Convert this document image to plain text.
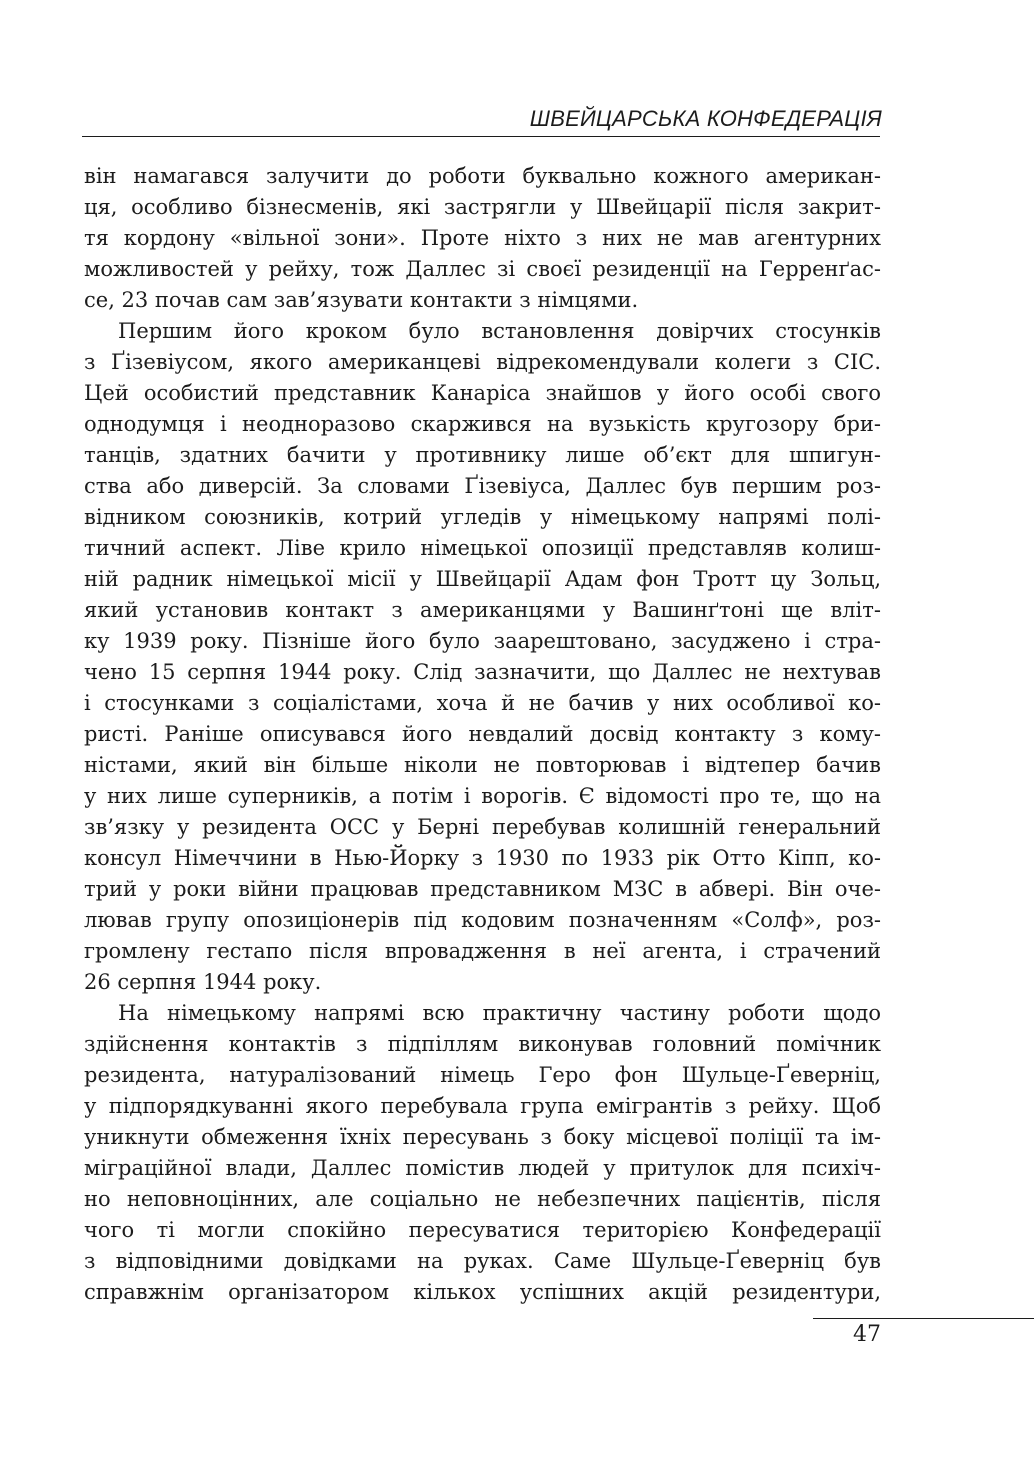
ШВЕЙЦАРСЬКА КОНФЕДЕРАЦІЯ
він намагався залучити до роботи буквально кожного американ-
ця, особливо бізнесменів, які застрягли у Швейцарії після закрит-
тя кордону «вільної зони». Проте ніхто з них не мав агентурних
можливостей у рейху, тож Даллес зі своєї резиденції на Герренґас-
се, 23 почав сам зав’язувати контакти з німцями.
Першим його кроком було встановлення довірчих стосунків
з Ґізевіусом, якого американцеві відрекомендували колеги з СІС.
Цей особистий представник Канаріса знайшов у його особі свого
однодумця і неодноразово скаржився на вузькість кругозору бри-
танців, здатних бачити у противнику лише об’єкт для шпигун-
ства або диверсій. За словами Ґізевіуса, Даллес був першим роз-
відником союзників, котрий угледів у німецькому напрямі полі-
тичний аспект. Ліве крило німецької опозиції представляв колиш-
ній радник німецької місії у Швейцарії Адам фон Тротт цу Зольц,
який установив контакт з американцями у Вашинґтоні ще вліт-
ку 1939 року. Пізніше його було заарештовано, засуджено і стра-
чено 15 серпня 1944 року. Слід зазначити, що Даллес не нехтував
і стосунками з соціалістами, хоча й не бачив у них особливої ко-
ристі. Раніше описувався його невдалий досвід контакту з кому-
ністами, який він більше ніколи не повторював і відтепер бачив
у них лише суперників, а потім і ворогів. Є відомості про те, що на
зв’язку у резидента ОСС у Берні перебував колишній генеральний
консул Німеччини в Нью-Йорку з 1930 по 1933 рік Отто Кіпп, ко-
трий у роки війни працював представником МЗС в абвері. Він оче-
лював групу опозиціонерів під кодовим позначенням «Солф», роз-
громлену гестапо після впровадження в неї агента, і страчений
26 серпня 1944 року.
На німецькому напрямі всю практичну частину роботи щодо
здійснення контактів з підпіллям виконував головний помічник
резидента, натуралізований німець Геро фон Шульце-Ґеверніц,
у підпорядкуванні якого перебувала група емігрантів з рейху. Щоб
уникнути обмеження їхніх пересувань з боку місцевої поліції та ім-
міграційної влади, Даллес помістив людей у притулок для психіч-
но неповноцінних, але соціально не небезпечних пацієнтів, після
чого ті могли спокійно пересуватися територією Конфедерації
з відповідними довідками на руках. Саме Шульце-Ґеверніц був
справжнім організатором кількох успішних акцій резидентури,
47
